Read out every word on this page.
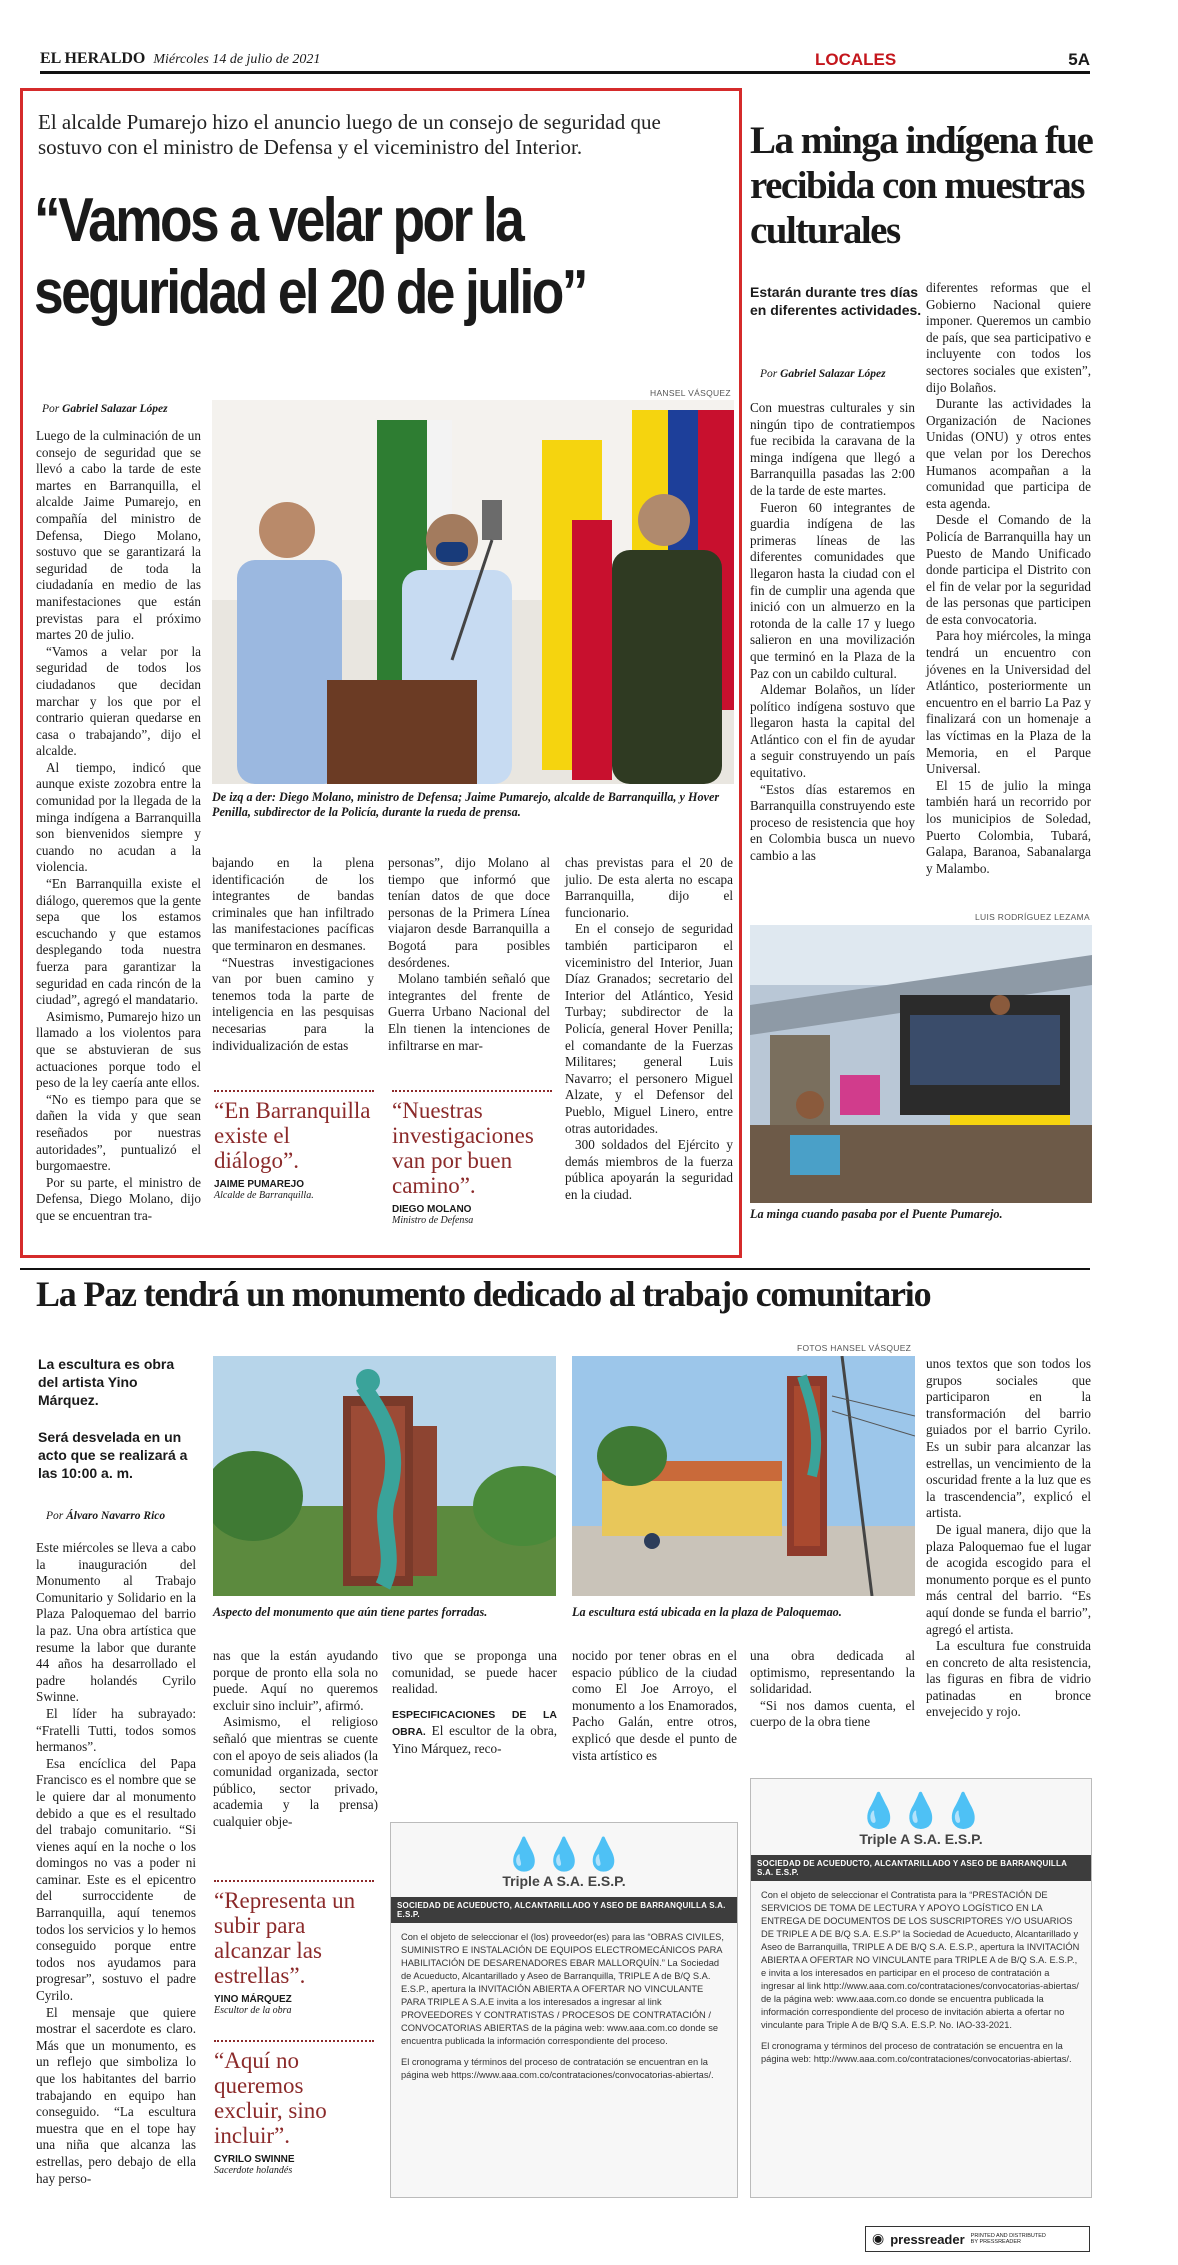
EL HERALDO Miércoles 14 de julio de 2021	LOCALES	5A
El alcalde Pumarejo hizo el anuncio luego de un consejo de seguridad que sostuvo con el ministro de Defensa y el viceministro del Interior.
“Vamos a velar por la seguridad el 20 de julio”
Por Gabriel Salazar López

Luego de la culminación de un consejo de seguridad que se llevó a cabo la tarde de este martes en Barranquilla, el alcalde Jaime Pumarejo, en compañía del ministro de Defensa, Diego Molano, sostuvo que se garantizará la seguridad de toda la ciudadanía en medio de las manifestaciones que están previstas para el próximo martes 20 de julio.

“Vamos a velar por la seguridad de todos los ciudadanos que decidan marchar y los que por el contrario quieran quedarse en casa o trabajando”, dijo el alcalde.

Al tiempo, indicó que aunque existe zozobra entre la comunidad por la llegada de la minga indígena a Barranquilla son bienvenidos siempre y cuando no acudan a la violencia.

“En Barranquilla existe el diálogo, queremos que la gente sepa que los estamos escuchando y que estamos desplegando toda nuestra fuerza para garantizar la seguridad en cada rincón de la ciudad”, agregó el mandatario.

Asimismo, Pumarejo hizo un llamado a los violentos para que se abstuvieran de sus actuaciones porque todo el peso de la ley caería ante ellos.

“No es tiempo para que se dañen la vida y que sean reseñados por nuestras autoridades”, puntualizó el burgomaestre.

Por su parte, el ministro de Defensa, Diego Molano, dijo que se encuentran tra-

HANSEL VÁSQUEZ
De izq a der: Diego Molano, ministro de Defensa; Jaime Pumarejo, alcalde de Barranquilla, y Hover Penilla, subdirector de la Policía, durante la rueda de prensa.

bajando en la plena identificación de los integrantes de bandas criminales que han infiltrado las manifestaciones pacíficas que terminaron en desmanes.

“Nuestras investigaciones van por buen camino y tenemos toda la parte de inteligencia en las pesquisas necesarias para la individualización de estas

personas”, dijo Molano al tiempo que informó que tenían datos de que doce personas de la Primera Línea viajaron desde Barranquilla a Bogotá para posibles desórdenes.

Molano también señaló que integrantes del frente de Guerra Urbano Nacional del Eln tienen la intenciones de infiltrarse en mar-

chas previstas para el 20 de julio. De esta alerta no escapa Barranquilla, dijo el funcionario.

En el consejo de seguridad también participaron el viceministro del Interior, Juan Díaz Granados; secretario del Interior del Atlántico, Yesid Turbay; subdirector de la Policía, general Hover Penilla; el comandante de la Fuerzas Militares; general Luis Navarro; el personero Miguel Alzate, y el Defensor del Pueblo, Miguel Linero, entre otras autoridades.

300 soldados del Ejército y demás miembros de la fuerza pública apoyarán la seguridad en la ciudad.

“En Barranquilla existe el diálogo”.
JAIME PUMAREJO
Alcalde de Barranquilla.
“Nuestras investigaciones van por buen camino”.
DIEGO MOLANO
Ministro de Defensa
La minga indígena fue recibida con muestras culturales
Estarán durante tres días en diferentes actividades.
Por Gabriel Salazar López

Con muestras culturales y sin ningún tipo de contratiempos fue recibida la caravana de la minga indígena que llegó a Barranquilla pasadas las 2:00 de la tarde de este martes.

Fueron 60 integrantes de guardia indígena de las primeras líneas de las diferentes comunidades que llegaron hasta la ciudad con el fin de cumplir una agenda que inició con un almuerzo en la rotonda de la calle 17 y luego salieron en una movilización que terminó en la Plaza de la Paz con un cabildo cultural.

Aldemar Bolaños, un líder político indígena sostuvo que llegaron hasta la capital del Atlántico con el fin de ayudar a seguir construyendo un país equitativo.

“Estos días estaremos en Barranquilla construyendo este proceso de resistencia que hoy en Colombia busca un nuevo cambio a las

diferentes reformas que el Gobierno Nacional quiere imponer. Queremos un cambio de país, que sea participativo e incluyente con todos los sectores sociales que existen”, dijo Bolaños.

Durante las actividades la Organización de Naciones Unidas (ONU) y otros entes que velan por los Derechos Humanos acompañan a la comunidad que participa de esta agenda.

Desde el Comando de la Policía de Barranquilla hay un Puesto de Mando Unificado donde participa el Distrito con el fin de velar por la seguridad de las personas que participen de esta convocatoria.

Para hoy miércoles, la minga tendrá un encuentro con jóvenes en la Universidad del Atlántico, posteriormente un encuentro en el barrio La Paz y finalizará con un homenaje a las víctimas en la Plaza de la Memoria, en el Parque Universal.

El 15 de julio la minga también hará un recorrido por los municipios de Soledad, Puerto Colombia, Tubará, Galapa, Baranoa, Sabanalarga y Malambo.

LUIS RODRÍGUEZ LEZAMA
La minga cuando pasaba por el Puente Pumarejo.
La Paz tendrá un monumento dedicado al trabajo comunitario
La escultura es obra del artista Yino Márquez.
Será desvelada en un acto que se realizará a las 10:00 a. m.
Por Álvaro Navarro Rico

Este miércoles se lleva a cabo la inauguración del Monumento al Trabajo Comunitario y Solidario en la Plaza Paloquemao del barrio la paz. Una obra artística que resume la labor que durante 44 años ha desarrollado el padre holandés Cyrilo Swinne.

El líder ha subrayado: “Fratelli Tutti, todos somos hermanos”.

Esa encíclica del Papa Francisco es el nombre que se le quiere dar al monumento debido a que es el resultado del trabajo comunitario. “Si vienes aquí en la noche o los domingos no vas a poder ni caminar. Este es el epicentro del surroccidente de Barranquilla, aquí tenemos todos los servicios y lo hemos conseguido porque entre todos nos ayudamos para progresar”, sostuvo el padre Cyrilo.

El mensaje que quiere mostrar el sacerdote es claro. Más que un monumento, es un reflejo que simboliza lo que los habitantes del barrio trabajando en equipo han conseguido. “La escultura muestra que en el tope hay una niña que alcanza las estrellas, pero debajo de ella hay perso-

FOTOS HANSEL VÁSQUEZ
Aspecto del monumento que aún tiene partes forradas.	La escultura está ubicada en la plaza de Paloquemao.

nas que la están ayudando porque de pronto ella sola no puede. Aquí no queremos excluir sino incluir”, afirmó.

Asimismo, el religioso señaló que mientras se cuente con el apoyo de seis aliados (la comunidad organizada, sector público, sector privado, academia y la prensa) cualquier obje-

tivo que se proponga una comunidad, se puede hacer realidad.

ESPECIFICACIONES DE LA OBRA. El escultor de la obra, Yino Márquez, reco-

nocido por tener obras en el espacio público de la ciudad como El Joe Arroyo, el monumento a los Enamorados, Pacho Galán, entre otros, explicó que desde el punto de vista artístico es

una obra dedicada al optimismo, representando la solidaridad.

“Si nos damos cuenta, el cuerpo de la obra tiene

unos textos que son todos los grupos sociales que participaron en la transformación del barrio guiados por el barrio Cyrilo. Es un subir para alcanzar las estrellas, un vencimiento de la oscuridad frente a la luz que es la trascendencia”, explicó el artista.

De igual manera, dijo que la plaza Paloquemao fue el lugar de acogida escogido para el monumento porque es el punto más central del barrio. “Es aquí donde se funda el barrio”, agregó el artista.

La escultura fue construida en concreto de alta resistencia, las figuras en fibra de vidrio patinadas en bronce envejecido y rojo.

“Representa un subir para alcanzar las estrellas”.
YINO MÁRQUEZ
Escultor de la obra
“Aquí no queremos excluir, sino incluir”.
CYRILO SWINNE
Sacerdote holandés
💧💧💧
Triple A S.A. E.S.P.
SOCIEDAD DE ACUEDUCTO, ALCANTARILLADO Y ASEO DE BARRANQUILLA S.A. E.S.P.
Con el objeto de seleccionar el (los) proveedor(es) para las “OBRAS CIVILES, SUMINISTRO E INSTALACIÓN DE EQUIPOS ELECTROMECÁNICOS PARA HABILITACIÓN DE DESARENADORES EBAR MALLORQUÍN.” La Sociedad de Acueducto, Alcantarillado y Aseo de Barranquilla, TRIPLE A de B/Q S.A. E.S.P., apertura la INVITACIÓN ABIERTA A OFERTAR NO VINCULANTE PARA TRIPLE A S.A.E invita a los interesados a ingresar al link PROVEEDORES Y CONTRATISTAS / PROCESOS DE CONTRATACIÓN / CONVOCATORIAS ABIERTAS de la página web: www.aaa.com.co donde se encuentra publicada la información correspondiente del proceso.
El cronograma y términos del proceso de contratación se encuentran en la página web https://www.aaa.com.co/contrataciones/convocatorias-abiertas/.
💧💧💧
Triple A S.A. E.S.P.
SOCIEDAD DE ACUEDUCTO, ALCANTARILLADO Y ASEO DE BARRANQUILLA S.A. E.S.P.
Con el objeto de seleccionar el Contratista para la “PRESTACIÓN DE SERVICIOS DE TOMA DE LECTURA Y APOYO LOGÍSTICO EN LA ENTREGA DE DOCUMENTOS DE LOS SUSCRIPTORES Y/O USUARIOS DE TRIPLE A DE B/Q S.A. E.S.P” la Sociedad de Acueducto, Alcantarillado y Aseo de Barranquilla, TRIPLE A DE B/Q S.A. E.S.P., apertura la INVITACIÓN ABIERTA A OFERTAR NO VINCULANTE para TRIPLE A de B/Q S.A. E.S.P., e invita a los interesados en participar en el proceso de contratación a ingresar al link http://www.aaa.com.co/contrataciones/convocatorias-abiertas/ de la página web: www.aaa.com.co donde se encuentra publicada la información correspondiente del proceso de invitación abierta a ofertar no vinculante para Triple A de B/Q S.A. E.S.P. No. IAO-33-2021.
El cronograma y términos del proceso de contratación se encuentra en la página web: http://www.aaa.com.co/contrataciones/convocatorias-abiertas/.
◉ pressreader PRINTED AND DISTRIBUTED BY PRESSREADER
